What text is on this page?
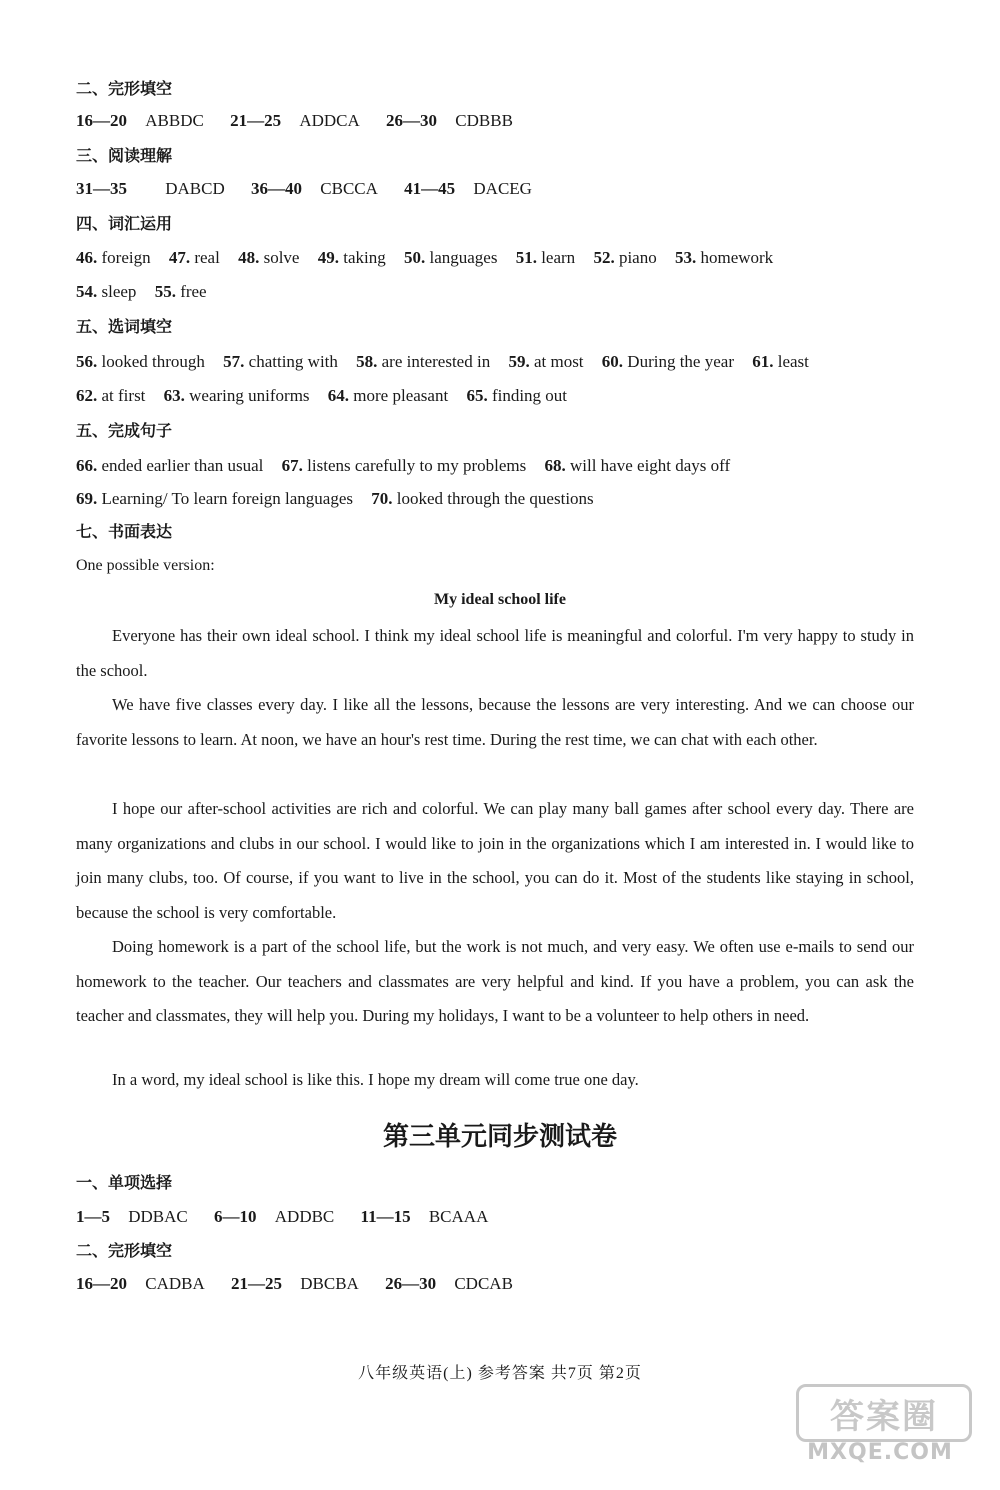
二、完形填空
16—20 ABBDC 21—25 ADDCA 26—30 CDBBB
三、阅读理解
31—35 DABCD 36—40 CBCCA 41—45 DACEG
四、词汇运用
46. foreign 47. real 48. solve 49. taking 50. languages 51. learn 52. piano 53. homework
54. sleep 55. free
五、选词填空
56. looked through 57. chatting with 58. are interested in 59. at most 60. During the year 61. least
62. at first 63. wearing uniforms 64. more pleasant 65. finding out
五、完成句子
66. ended earlier than usual 67. listens carefully to my problems 68. will have eight days off
69. Learning/ To learn foreign languages 70. looked through the questions
七、书面表达
One possible version:
My ideal school life
Everyone has their own ideal school. I think my ideal school life is meaningful and colorful. I'm very happy to study in the school.
We have five classes every day. I like all the lessons, because the lessons are very interesting. And we can choose our favorite lessons to learn. At noon, we have an hour's rest time. During the rest time, we can chat with each other.
I hope our after-school activities are rich and colorful. We can play many ball games after school every day. There are many organizations and clubs in our school. I would like to join in the organizations which I am interested in. I would like to join many clubs, too. Of course, if you want to live in the school, you can do it. Most of the students like staying in school, because the school is very comfortable.
Doing homework is a part of the school life, but the work is not much, and very easy. We often use e-mails to send our homework to the teacher. Our teachers and classmates are very helpful and kind. If you have a problem, you can ask the teacher and classmates, they will help you. During my holidays, I want to be a volunteer to help others in need.
In a word, my ideal school is like this. I hope my dream will come true one day.
第三单元同步测试卷
一、单项选择
1—5 DDBAC 6—10 ADDBC 11—15 BCAAA
二、完形填空
16—20 CADBA 21—25 DBCBA 26—30 CDCAB
八年级英语(上) 参考答案 共7页 第2页
答案圈
MXQE.COM
